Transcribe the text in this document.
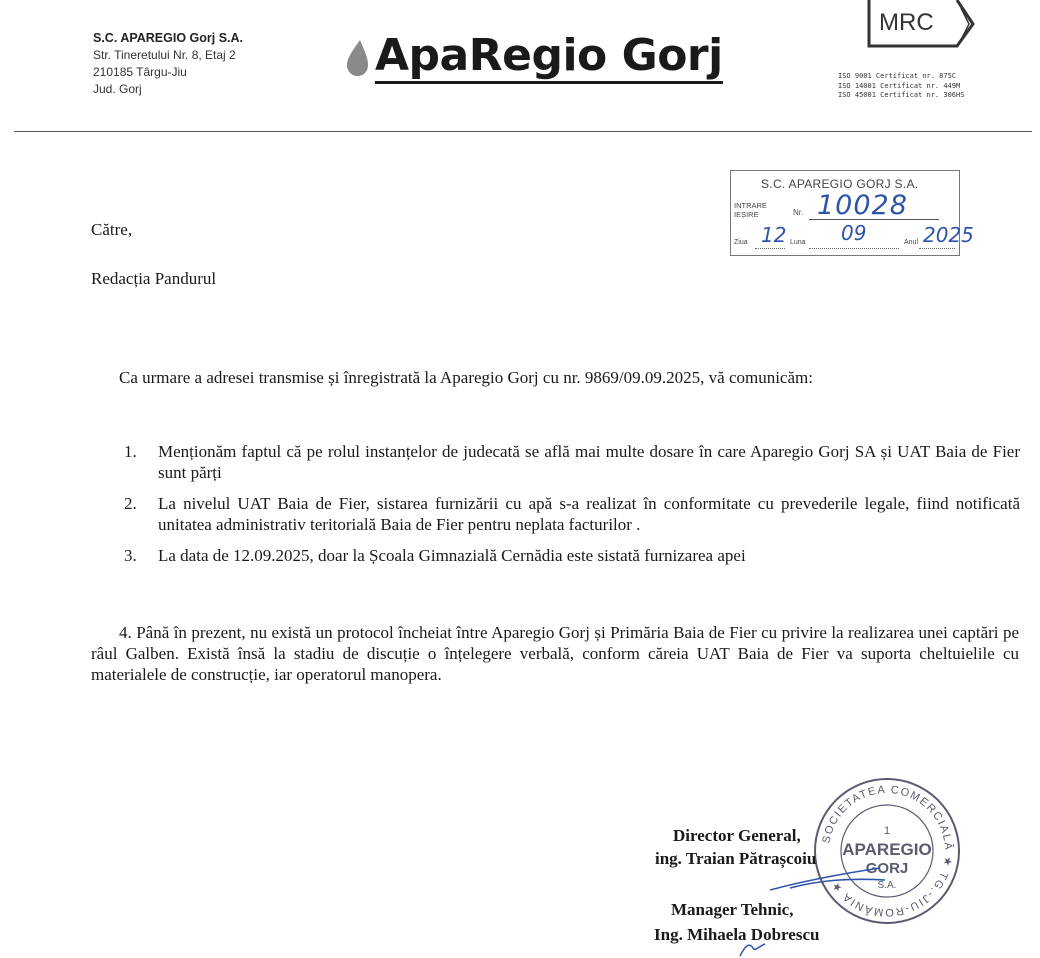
S.C. APAREGIO Gorj S.A.
Str. Tineretului Nr. 8, Etaj 2
210185 Târgu-Jiu
Jud. Gorj
ApaRegio Gorj
MRC
ISO 9001 Certificat nr. 875C
ISO 14001 Certificat nr. 449M
ISO 45001 Certificat nr. 306HS
S.C. APAREGIO GORJ S.A.
INTRARE
IEȘIRE	Nr. 10028
Ziua	Luna	Anul
12	09	2025
Către,
Redacția Pandurul
Ca urmare a adresei transmise și înregistrată la Aparegio Gorj cu nr. 9869/09.09.2025, vă comunicăm:
1. Menționăm faptul că pe rolul instanțelor de judecată se află mai multe dosare în care Aparegio Gorj SA și UAT Baia de Fier sunt părți
2. La nivelul UAT Baia de Fier, sistarea furnizării cu apă s-a realizat în conformitate cu prevederile legale, fiind notificată unitatea administrativ teritorială Baia de Fier pentru neplata facturilor .
3. La data de 12.09.2025, doar la Școala Gimnazială Cernădia este sistată furnizarea apei
4. Până în prezent, nu există un protocol încheiat între Aparegio Gorj și Primăria Baia de Fier cu privire la realizarea unei captări pe râul Galben. Există însă la stadiu de discuție o înțelegere verbală, conform căreia UAT Baia de Fier va suporta cheltuielile cu materialele de construcție, iar operatorul manopera.
SOCIETATEA COMERCIALĂ ★ TG.-JIU-ROMÂNIA ★
1
APAREGIO
GORJ
S.A.
Director General,
ing. Traian Pătrașcoiu
Manager Tehnic,
Ing. Mihaela Dobrescu
